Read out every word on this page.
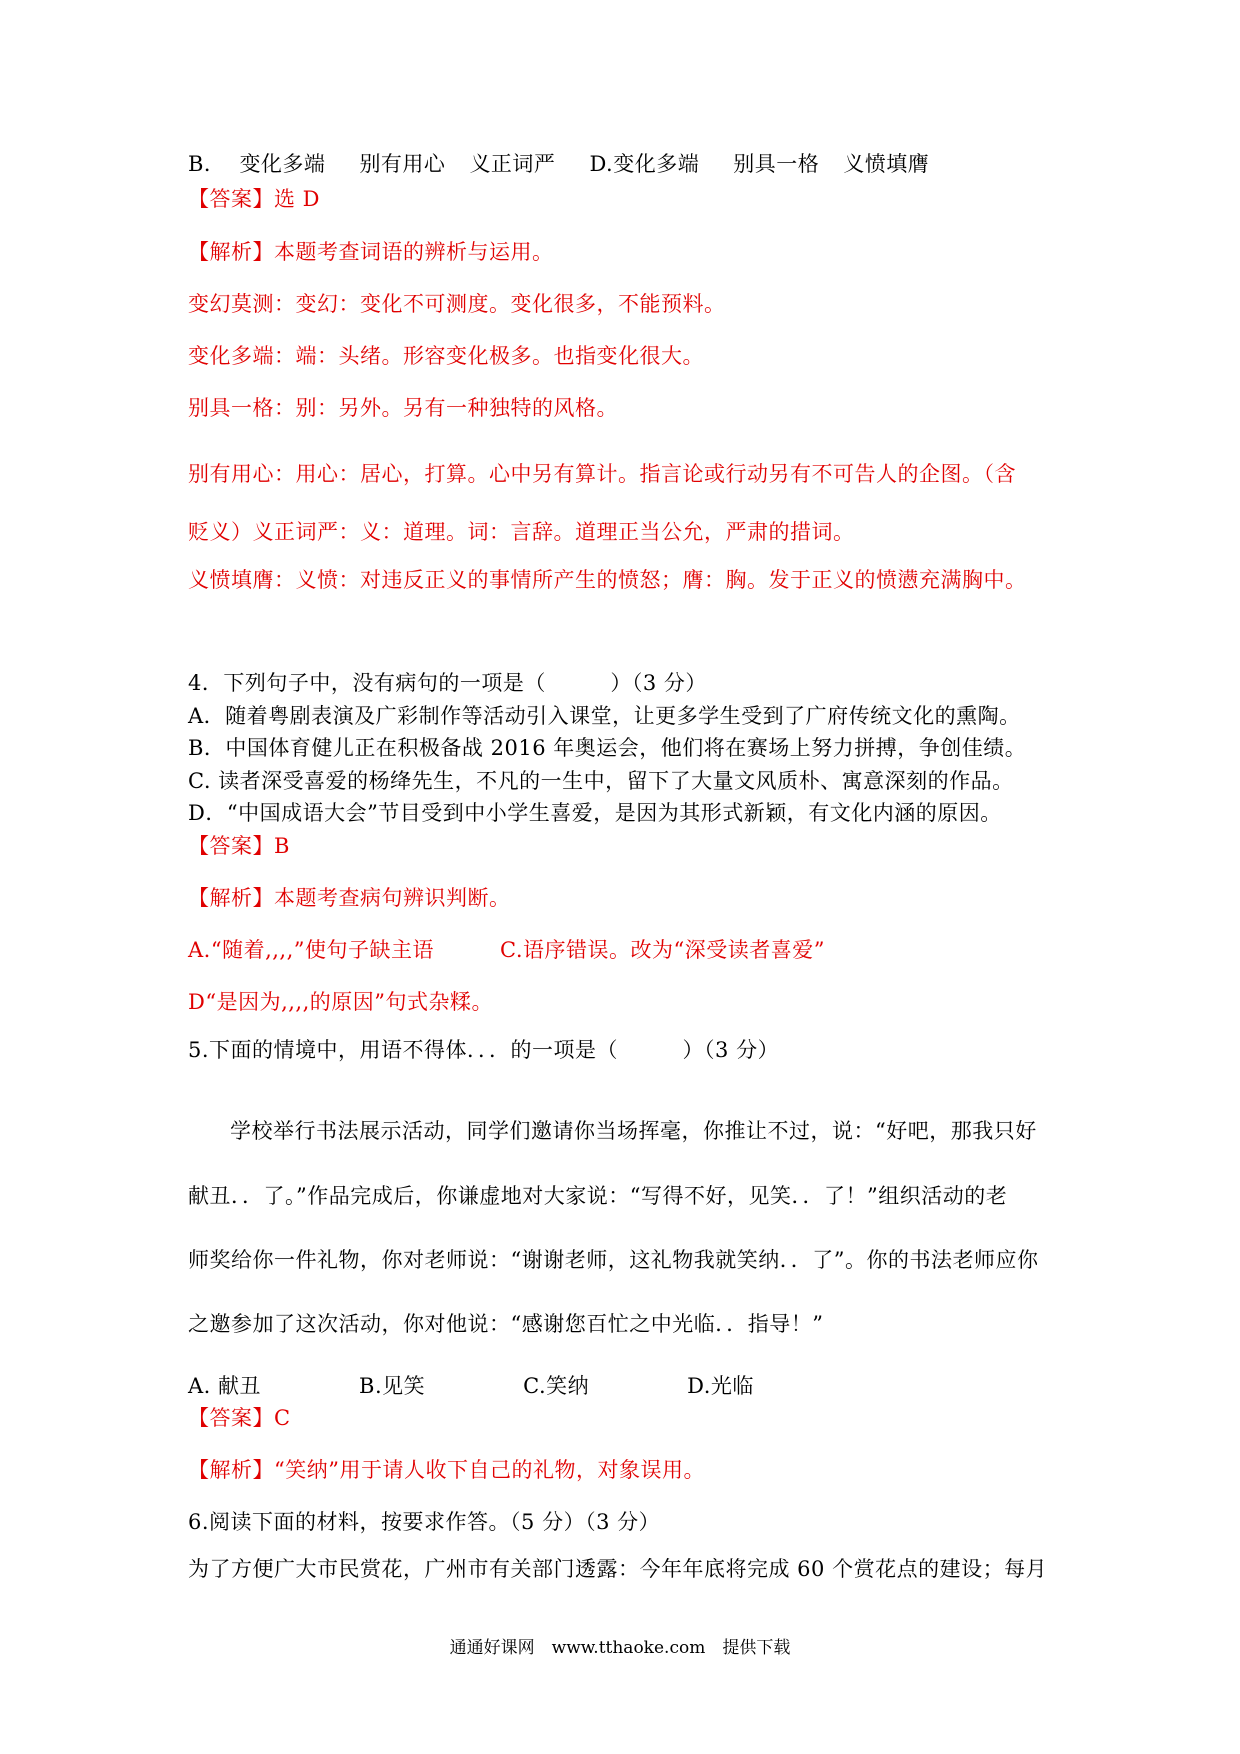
B． 变化多端 别有用心 义正词严 D.变化多端 别具一格 义愤填膺
【答案】选 D
【解析】本题考查词语的辨析与运用。
变幻莫测：变幻：变化不可测度。变化很多，不能预料。
变化多端：端：头绪。形容变化极多。也指变化很大。
别具一格：别：另外。另有一种独特的风格。
别有用心：用心：居心，打算。心中另有算计。指言论或行动另有不可告人的企图。（含
贬义）义正词严：义：道理。词：言辞。道理正当公允，严肃的措词。
义愤填膺：义愤：对违反正义的事情所产生的愤怒；膺：胸。发于正义的愤懑充满胸中。
4．下列句子中，没有病句的一项是（　　　）（3 分）
A．随着粤剧表演及广彩制作等活动引入课堂，让更多学生受到了广府传统文化的熏陶。
B．中国体育健儿正在积极备战 2016 年奥运会，他们将在赛场上努力拼搏，争创佳绩。
C. 读者深受喜爱的杨绛先生，不凡的一生中，留下了大量文风质朴、寓意深刻的作品。
D．“中国成语大会”节目受到中小学生喜爱，是因为其形式新颖，有文化内涵的原因。
【答案】B
【解析】本题考查病句辨识判断。
A.“随着,,,,”使句子缺主语	C.语序错误。改为“深受读者喜爱”
D“是因为,,,,的原因”句式杂糅。
5.下面的情境中，用语不得体．．．的一项是（　　　）（3 分）
学校举行书法展示活动，同学们邀请你当场挥毫，你推让不过，说：“好吧，那我只好
献丑．．了。”作品完成后，你谦虚地对大家说：“写得不好，见笑．．了！”组织活动的老
师奖给你一件礼物，你对老师说：“谢谢老师，这礼物我就笑纳．．了”。你的书法老师应你
之邀参加了这次活动，你对他说：“感谢您百忙之中光临．．指导！”
A. 献丑	B.见笑	C.笑纳	D.光临
【答案】C
【解析】“笑纳”用于请人收下自己的礼物，对象误用。
6.阅读下面的材料，按要求作答。（5 分）（3 分）
为了方便广大市民赏花，广州市有关部门透露：今年年底将完成 60 个赏花点的建设；每月
通通好课网　www.tthaoke.com　提供下载
